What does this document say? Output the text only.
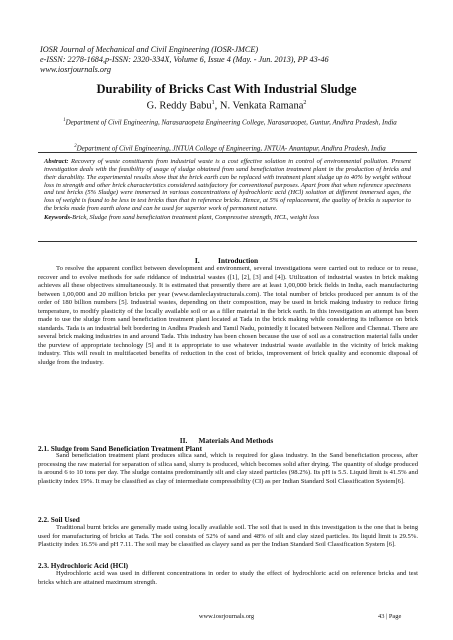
IOSR Journal of Mechanical and Civil Engineering (IOSR-JMCE)
e-ISSN: 2278-1684,p-ISSN: 2320-334X, Volume 6, Issue 4 (May. - Jun. 2013), PP 43-46
www.iosrjournals.org
Durability of Bricks Cast With Industrial Sludge
G. Reddy Babu$^1$, N. Venkata Ramana$^2$
$^1$Department of Civil Engineering, Narasaraopeta Engineering College, Narasaraopet, Guntur, Andhra Pradesh, India
$^2$Department of Civil Engineering, JNTUA College of Engineering, JNTUA- Anantapur, Andhra Pradesh, India
Abstract: Recovery of waste constituents from industrial waste is a cost effective solution in control of environmental pollution. Present investigation deals with the feasibility of usage of sludge obtained from sand beneficiation treatment plant in the production of bricks and their durability. The experimental results show that the brick earth can be replaced with treatment plant sludge up to 40% by weight without loss in strength and other brick characteristics considered satisfactory for conventional purposes. Apart from that when reference specimens and test bricks (5% Sludge) were immersed in various concentrations of hydrochloric acid (HCl) solution at different immersed ages, the loss of weight is found to be less in test bricks than that in reference bricks. Hence, at 5% of replacement, the quality of bricks is superior to the bricks made from earth alone and can be used for superior work of permanent nature.
Keywords-Brick, Sludge from sand beneficiation treatment plant, Compressive strength, HCL, weight loss
I.          Introduction
To resolve the apparent conflict between development and environment, several investigations were carried out to reduce or to reuse, recover and to evolve methods for safe riddance of industrial wastes ([1], [2], [3] and [4]). Utilization of industrial wastes in brick making achieves all these objectives simultaneously. It is estimated that presently there are at least 1,00,000 brick fields in India, each manufacturing between 1,00,000 and 20 million bricks per year (www.damleclaystructurals.com). The total number of bricks produced per annum is of the order of 180 billion numbers [5]. Industrial wastes, depending on their composition, may be used in brick making industry to reduce firing temperature, to modify plasticity of the locally available soil or as a filler material in the brick earth. In this investigation an attempt has been made to use the sludge from sand beneficiation treatment plant located at Tada in the brick making while considering its influence on brick standards. Tada is an industrial belt bordering in Andhra Pradesh and Tamil Nadu, pointedly it located between Nellore and Chennai. There are several brick making industries in and around Tada. This industry has been chosen because the use of soil as a construction material falls under the purview of appropriate technology [5] and it is appropriate to use whatever industrial waste available in the vicinity of brick making industry. This will result in multifaceted benefits of reduction in the cost of bricks, improvement of brick quality and economic disposal of sludge from the industry.
II.      Materials And Methods
2.1. Sludge from Sand Beneficiation Treatment Plant
Sand beneficiation treatment plant produces silica sand, which is required for glass industry. In the Sand beneficiation process, after processing the raw material for separation of silica sand, slurry is produced, which becomes solid after drying. The quantity of sludge produced is around 6 to 10 tons per day. The sludge contains predominantly silt and clay sized particles (98.2%). Its pH is 5.5. Liquid limit is 41.5% and plasticity index 19%. It may be classified as clay of intermediate compressibility (CI) as per Indian Standard Soil Classification System[6].
2.2. Soil Used
Traditional burnt bricks are generally made using locally available soil. The soil that is used in this investigation is the one that is being used for manufacturing of bricks at Tada. The soil consists of 52% of sand and 48% of silt and clay sized particles. Its liquid limit is 29.5%. Plasticity index 16.5% and pH 7.11. The soil may be classified as clayey sand as per the Indian Standard Soil Classification System [6].
2.3. Hydrochloric Acid (HCl)
Hydrochloric acid was used in different concentrations in order to study the effect of hydrochloric acid on reference bricks and test bricks which are attained maximum strength.
www.iosrjournals.org	43 | Page
